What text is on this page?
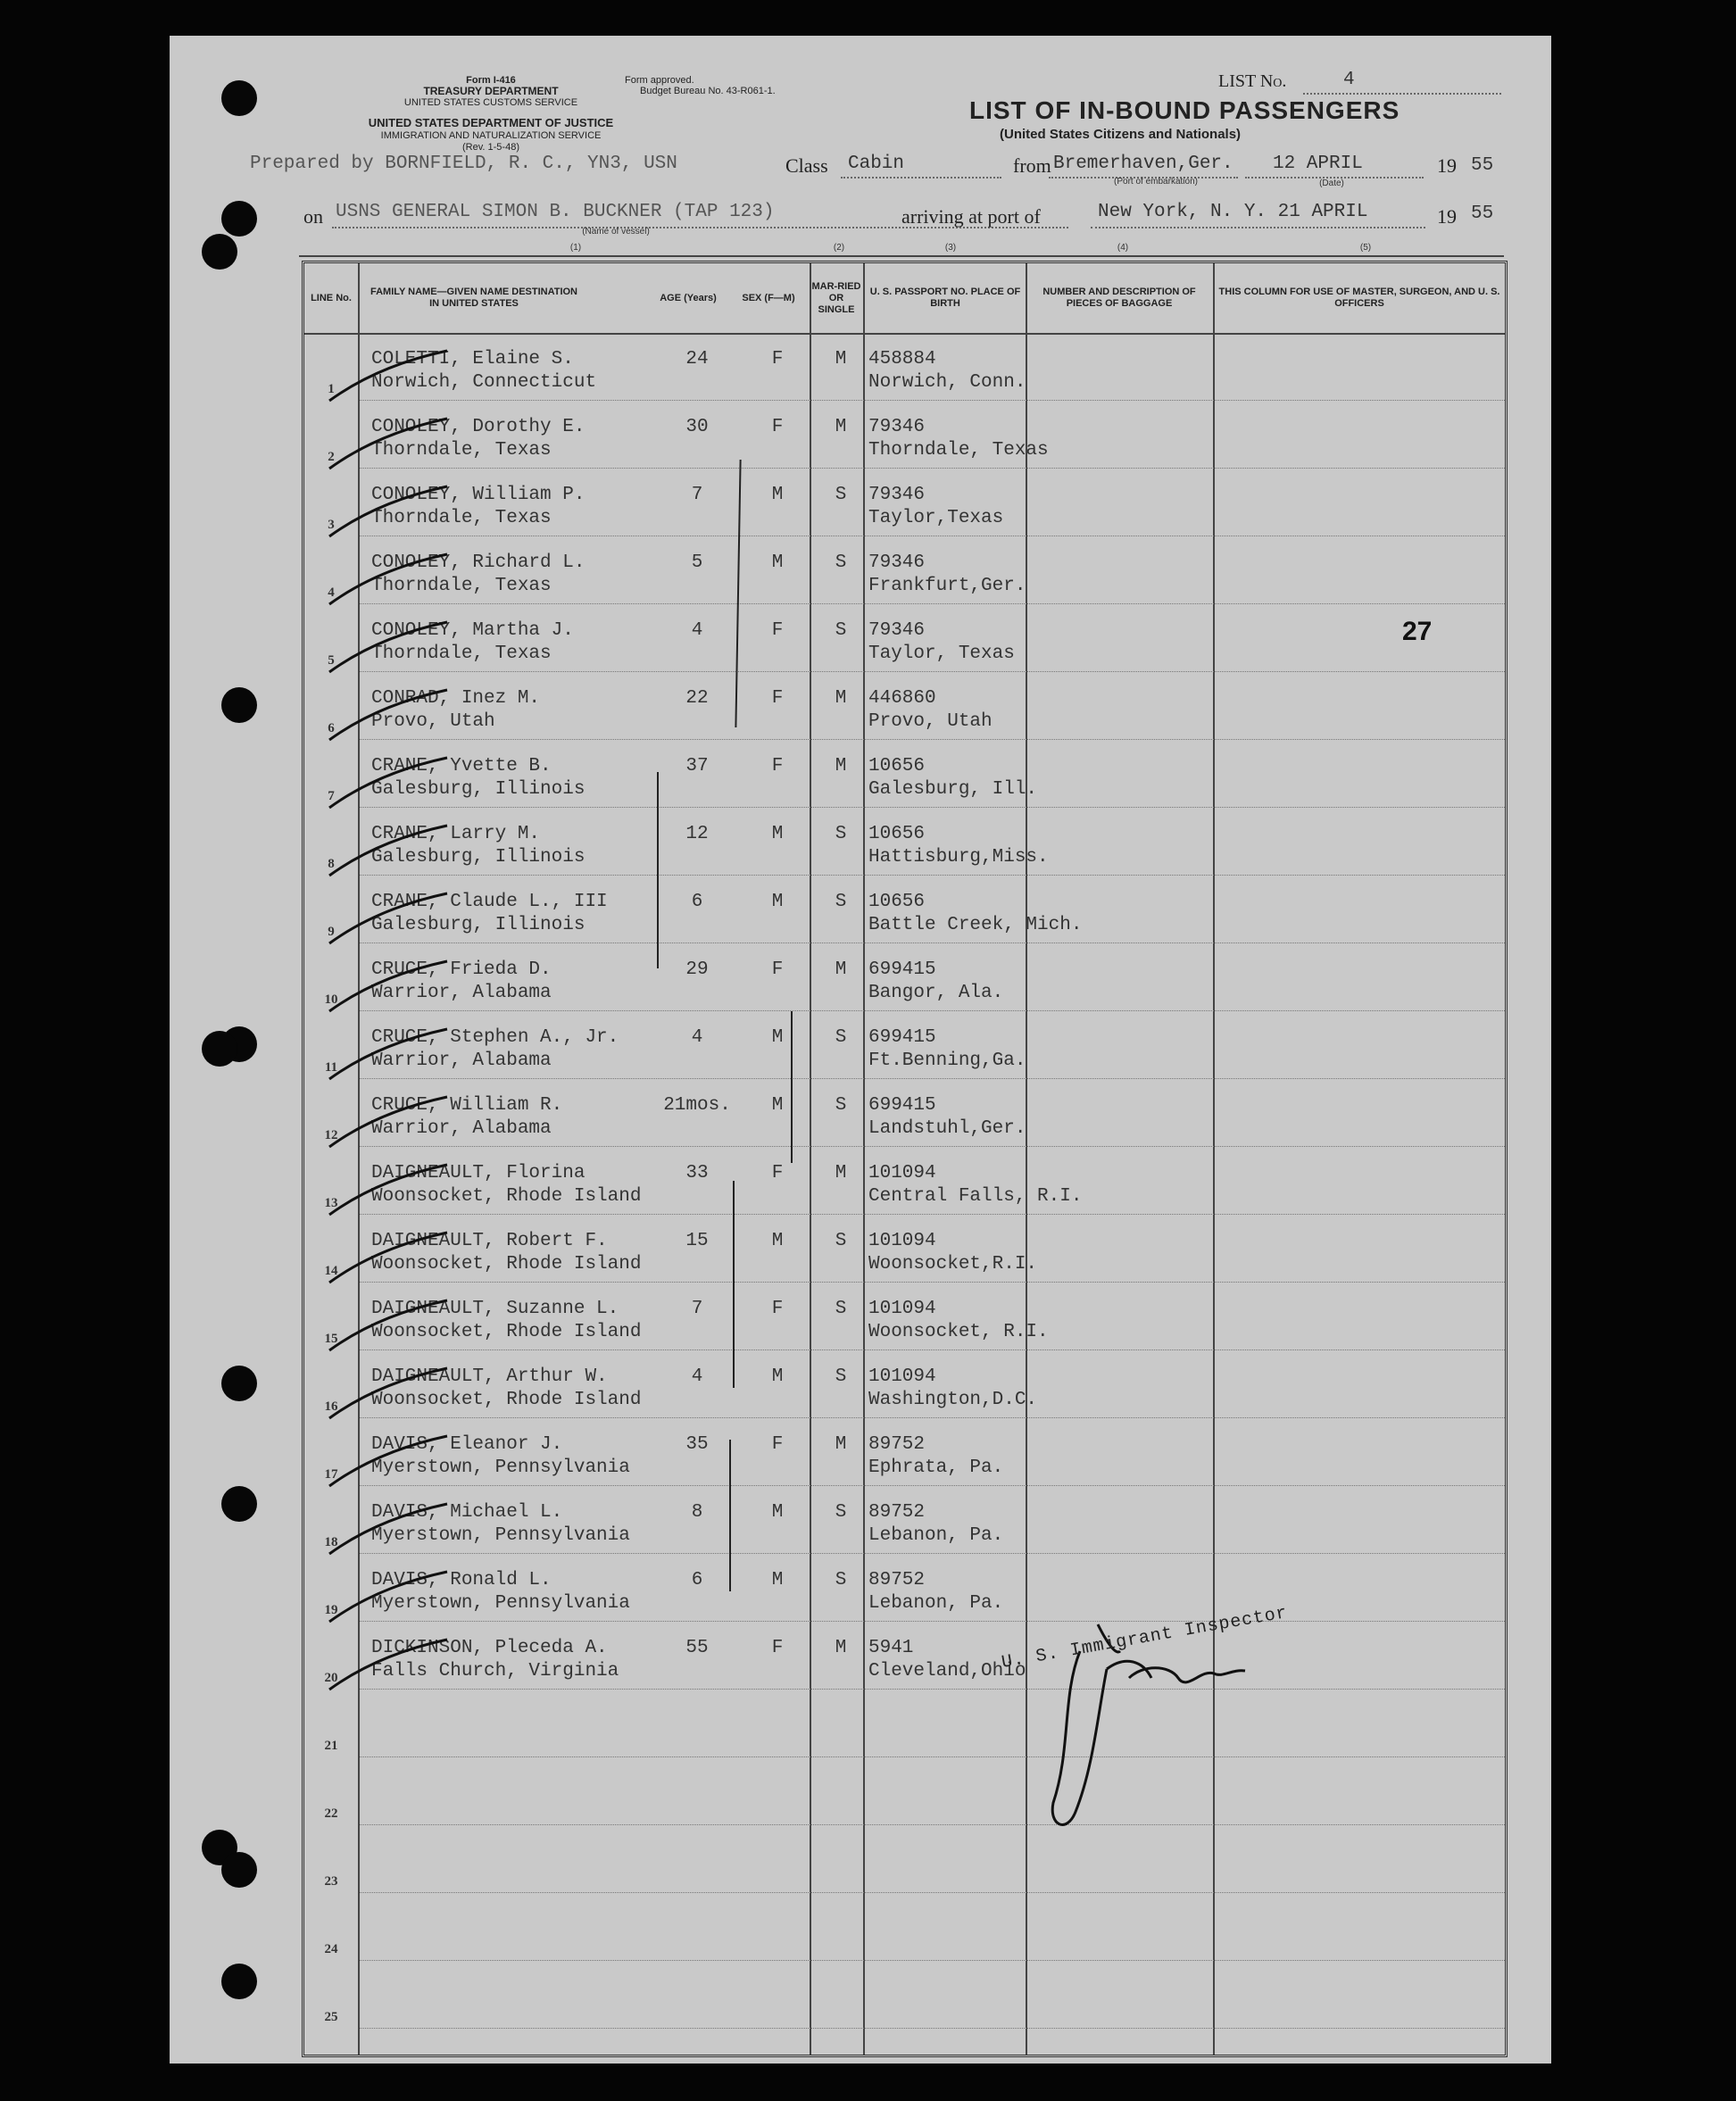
Form I-416
TREASURY DEPARTMENT
UNITED STATES CUSTOMS SERVICE
UNITED STATES DEPARTMENT OF JUSTICE
IMMIGRATION AND NATURALIZATION SERVICE
(Rev. 1-5-48)
Form approved.
Budget Bureau No. 43-R061-1.	LIST No.	4
LIST OF IN-BOUND PASSENGERS
(United States Citizens and Nationals)
Prepared by BORNFIELD, R. C., YN3, USN	Class Cabin	from Bremerhaven,Ger.
(Port of embarkation)
12 APRIL
(Date)
19 55
on USNS GENERAL SIMON B. BUCKNER (TAP 123)
(Name of vessel)
arriving at port of	New York, N. Y. 21 APRIL	19 55
(1)	(2)	(3)	(4)	(5)
LINE No.
FAMILY NAME—GIVEN NAME DESTINATION IN UNITED STATES
AGE (Years)	SEX (F—M)
MAR-RIED OR SINGLE
U. S. PASSPORT NO. PLACE OF BIRTH
NUMBER AND DESCRIPTION OF PIECES OF BAGGAGE
THIS COLUMN FOR USE OF MASTER, SURGEON, AND U. S. OFFICERS
1
COLETTI, Elaine S.
Norwich, Connecticut
24	F	M	458884
Norwich, Conn.
2
CONOLEY, Dorothy E.
Thorndale, Texas
30	F	M	79346
Thorndale, Texas
3
CONOLEY, William P.
Thorndale, Texas
7	M	S	79346
Taylor,Texas
4
CONOLEY, Richard L.
Thorndale, Texas
5	M	S	79346
Frankfurt,Ger.
5
CONOLEY, Martha J.
Thorndale, Texas
4	F	S	79346
Taylor, Texas
27
6
CONRAD, Inez M.
Provo, Utah
22	F	M	446860
Provo, Utah
7
CRANE, Yvette B.
Galesburg, Illinois
37	F	M	10656
Galesburg, Ill.
8
CRANE, Larry M.
Galesburg, Illinois
12	M	S	10656
Hattisburg,Miss.
9
CRANE, Claude L., III
Galesburg, Illinois
6	M	S	10656
Battle Creek, Mich.
10
CRUCE, Frieda D.
Warrior, Alabama
29	F	M	699415
Bangor, Ala.
11
CRUCE, Stephen A., Jr.
Warrior, Alabama
4	M	S	699415
Ft.Benning,Ga.
12
CRUCE, William R.
Warrior, Alabama
21mos.	M	S	699415
Landstuhl,Ger.
13
DAIGNEAULT, Florina
Woonsocket, Rhode Island
33	F	M	101094
Central Falls, R.I.
14
DAIGNEAULT, Robert F.
Woonsocket, Rhode Island
15	M	S	101094
Woonsocket,R.I.
15
DAIGNEAULT, Suzanne L.
Woonsocket, Rhode Island
7	F	S	101094
Woonsocket, R.I.
16
DAIGNEAULT, Arthur W.
Woonsocket, Rhode Island
4	M	S	101094
Washington,D.C.
17
DAVIS, Eleanor J.
Myerstown, Pennsylvania
35	F	M	89752
Ephrata, Pa.
18
DAVIS, Michael L.
Myerstown, Pennsylvania
8	M	S	89752
Lebanon, Pa.
19
DAVIS, Ronald L.
Myerstown, Pennsylvania
6	M	S	89752
Lebanon, Pa.
20
DICKINSON, Pleceda A.
Falls Church, Virginia
55	F	M	5941
Cleveland,Ohio
21
22
23
24
25
U. S. Immigrant Inspector
